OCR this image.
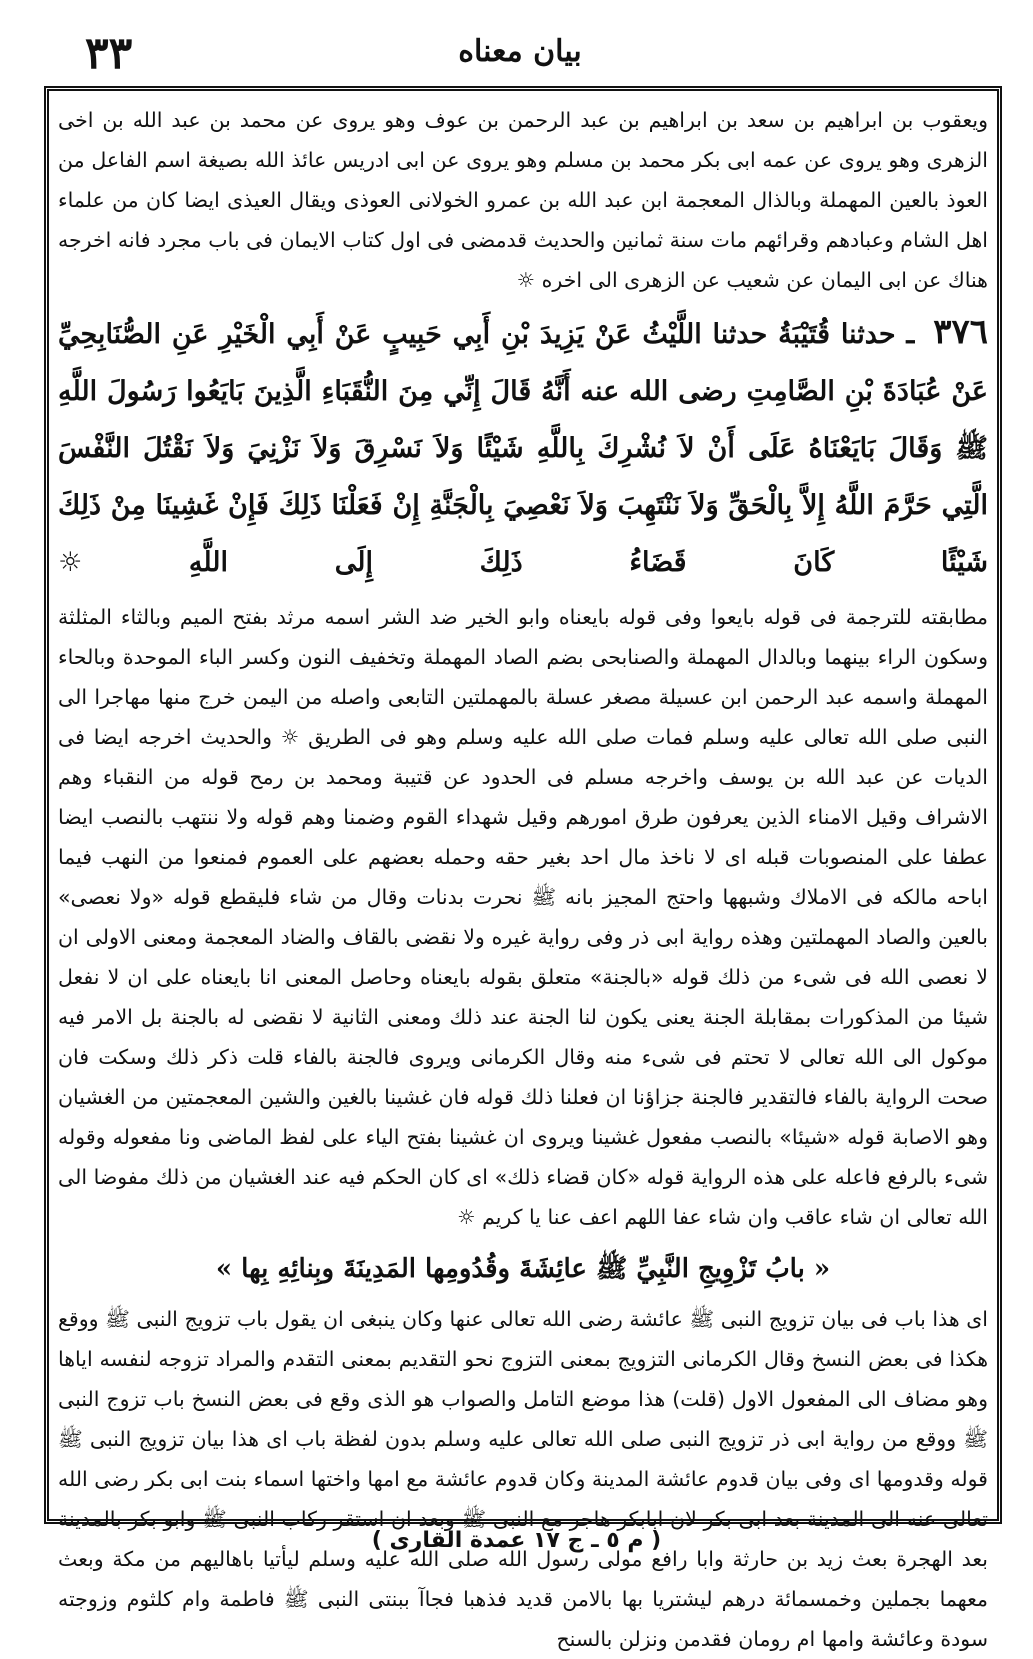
٣٣	بيان معناه

ويعقوب بن ابراهيم بن سعد بن ابراهيم بن عبد الرحمن بن عوف وهو يروى عن محمد بن عبد الله بن اخى الزهرى وهو يروى عن عمه ابى بكر محمد بن مسلم وهو يروى عن ابى ادريس عائذ الله بصيغة اسم الفاعل من العوذ بالعين المهملة وبالذال المعجمة ابن عبد الله بن عمرو الخولانى العوذى ويقال العيذى ايضا كان من علماء اهل الشام وعبادهم وقرائهم مات سنة ثمانين والحديث قدمضى فى اول كتاب الايمان فى باب مجرد فانه اخرجه هناك عن ابى اليمان عن شعيب عن الزهرى الى اخره ☼

٣٧٦ ـ حدثنا قُتَيْبَةُ حدثنا اللَّيْثُ عَنْ يَزِيدَ بْنِ أَبِي حَبِيبٍ عَنْ أَبِي الْخَيْرِ عَنِ الصُّنَابِحِيِّ عَنْ عُبَادَةَ بْنِ الصَّامِتِ رضى الله عنه أَنَّهُ قَالَ إِنِّي مِنَ النُّقَبَاءِ الَّذِينَ بَايَعُوا رَسُولَ اللَّهِ ﷺ وَقَالَ بَايَعْنَاهُ عَلَى أَنْ لاَ نُشْرِكَ بِاللَّهِ شَيْئًا وَلاَ نَسْرِقَ وَلاَ نَزْنِيَ وَلاَ نَقْتُلَ النَّفْسَ الَّتِي حَرَّمَ اللَّهُ إِلاَّ بِالْحَقِّ وَلاَ نَنْتَهِبَ وَلاَ نَعْصِيَ بِالْجَنَّةِ إِنْ فَعَلْنَا ذَلِكَ فَإِنْ غَشِينَا مِنْ ذَلِكَ شَيْئًا كَانَ قَضَاءُ ذَلِكَ إِلَى اللَّهِ ☼

مطابقته للترجمة فى قوله بايعوا وفى قوله بايعناه وابو الخير ضد الشر اسمه مرثد بفتح الميم وبالثاء المثلثة وسكون الراء بينهما وبالدال المهملة والصنابحى بضم الصاد المهملة وتخفيف النون وكسر الباء الموحدة وبالحاء المهملة واسمه عبد الرحمن ابن عسيلة مصغر عسلة بالمهملتين التابعى واصله من اليمن خرج منها مهاجرا الى النبى صلى الله تعالى عليه وسلم فمات صلى الله عليه وسلم وهو فى الطريق ☼ والحديث اخرجه ايضا فى الديات عن عبد الله بن يوسف واخرجه مسلم فى الحدود عن قتيبة ومحمد بن رمح قوله من النقباء وهم الاشراف وقيل الامناء الذين يعرفون طرق امورهم وقيل شهداء القوم وضمنا وهم قوله ولا ننتهب بالنصب ايضا عطفا على المنصوبات قبله اى لا ناخذ مال احد بغير حقه وحمله بعضهم على العموم فمنعوا من النهب فيما اباحه مالكه فى الاملاك وشبهها واحتج المجيز بانه ﷺ نحرت بدنات وقال من شاء فليقطع قوله «ولا نعصى» بالعين والصاد المهملتين وهذه رواية ابى ذر وفى رواية غيره ولا نقضى بالقاف والضاد المعجمة ومعنى الاولى ان لا نعصى الله فى شىء من ذلك قوله «بالجنة» متعلق بقوله بايعناه وحاصل المعنى انا بايعناه على ان لا نفعل شيئا من المذكورات بمقابلة الجنة يعنى يكون لنا الجنة عند ذلك ومعنى الثانية لا نقضى له بالجنة بل الامر فيه موكول الى الله تعالى لا تحتم فى شىء منه وقال الكرمانى ويروى فالجنة بالفاء قلت ذكر ذلك وسكت فان صحت الرواية بالفاء فالتقدير فالجنة جزاؤنا ان فعلنا ذلك قوله فان غشينا بالغين والشين المعجمتين من الغشيان وهو الاصابة قوله «شيئا» بالنصب مفعول غشينا ويروى ان غشينا بفتح الياء على لفظ الماضى ونا مفعوله وقوله شىء بالرفع فاعله على هذه الرواية قوله «كان قضاء ذلك» اى كان الحكم فيه عند الغشيان من ذلك مفوضا الى الله تعالى ان شاء عاقب وان شاء عفا اللهم اعف عنا يا كريم ☼

« بابُ تَزْوِيجِ النَّبِيِّ ﷺ عائِشَةَ وقُدُومِها المَدِينَةَ وبِنائِهِ بِها »

اى هذا باب فى بيان تزويج النبى ﷺ عائشة رضى الله تعالى عنها وكان ينبغى ان يقول باب تزويج النبى ﷺ ووقع هكذا فى بعض النسخ وقال الكرمانى التزويج بمعنى التزوج نحو التقديم بمعنى التقدم والمراد تزوجه لنفسه اياها وهو مضاف الى المفعول الاول (قلت) هذا موضع التامل والصواب هو الذى وقع فى بعض النسخ باب تزوج النبى ﷺ ووقع من رواية ابى ذر تزويج النبى صلى الله تعالى عليه وسلم بدون لفظة باب اى هذا بيان تزويج النبى ﷺ قوله وقدومها اى وفى بيان قدوم عائشة المدينة وكان قدوم عائشة مع امها واختها اسماء بنت ابى بكر رضى الله تعالى عنه الى المدينة بعد ابى بكر لان ابابكر هاجر مع النبى ﷺ وبعد ان استقر ركاب النبى ﷺ وابو بكر بالمدينة بعد الهجرة بعث زيد بن حارثة وابا رافع مولى رسول الله صلى الله عليه وسلم ليأتيا باهاليهم من مكة وبعث معهما بجملين وخمسمائة درهم ليشتريا بها بالامن قديد فذهبا فجاآ ببنتى النبى ﷺ فاطمة وام كلثوم وزوجته سودة وعائشة وامها ام رومان فقدمن ونزلن بالسنح

( م ٥ ـ ج ١٧ عمدة القارى )
